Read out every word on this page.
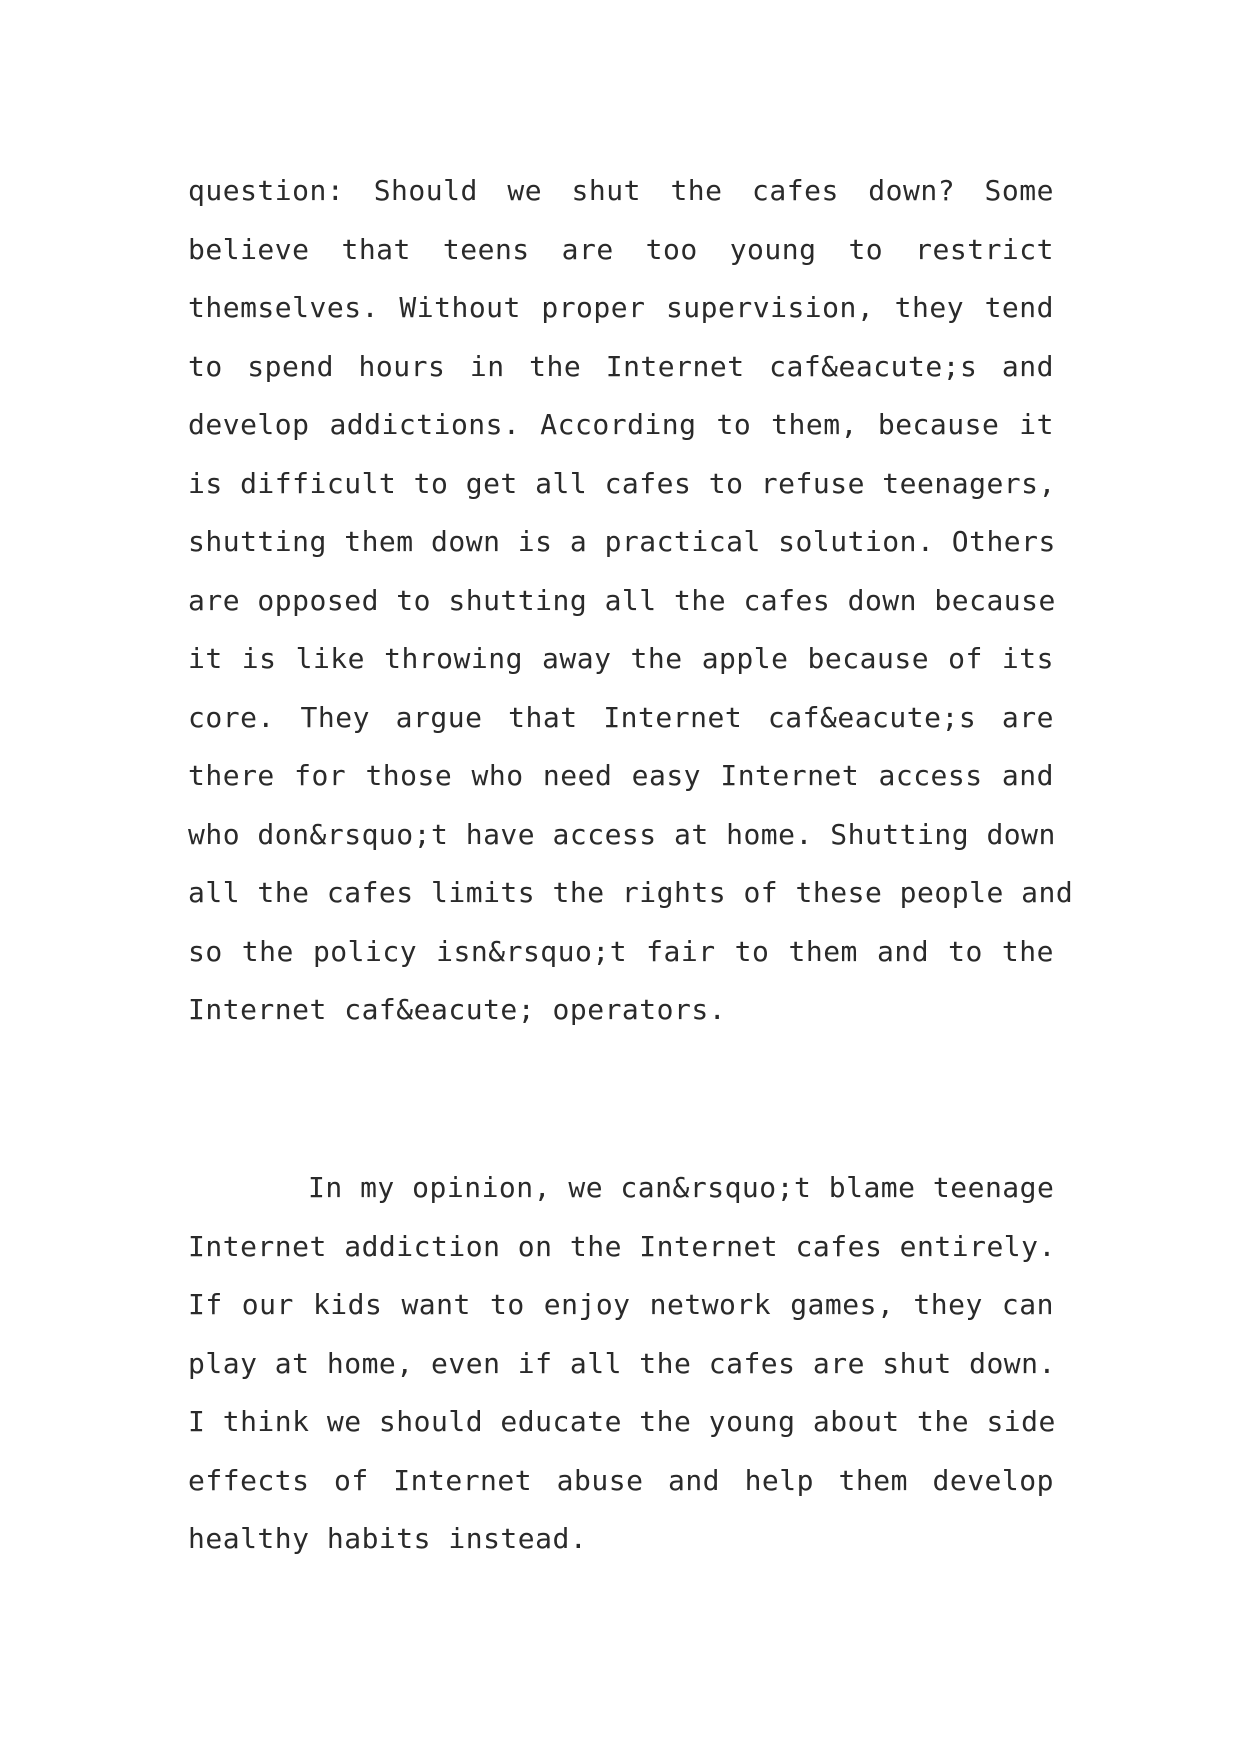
question: Should we shut the cafes down? Some
believe that teens are too young to restrict
themselves. Without proper supervision, they tend
to spend hours in the Internet caf&eacute;s and
develop addictions. According to them, because it
is difficult to get all cafes to refuse teenagers,
shutting them down is a practical solution. Others
are opposed to shutting all the cafes down because
it is like throwing away the apple because of its
core. They argue that Internet caf&eacute;s are
there for those who need easy Internet access and
who don&rsquo;t have access at home. Shutting down
all the cafes limits the rights of these people and
so the policy isn&rsquo;t fair to them and to the
Internet caf&eacute; operators.
In my opinion, we can&rsquo;t blame teenage
Internet addiction on the Internet cafes entirely.
If our kids want to enjoy network games, they can
play at home, even if all the cafes are shut down.
I think we should educate the young about the side
effects of Internet abuse and help them develop
healthy habits instead.
